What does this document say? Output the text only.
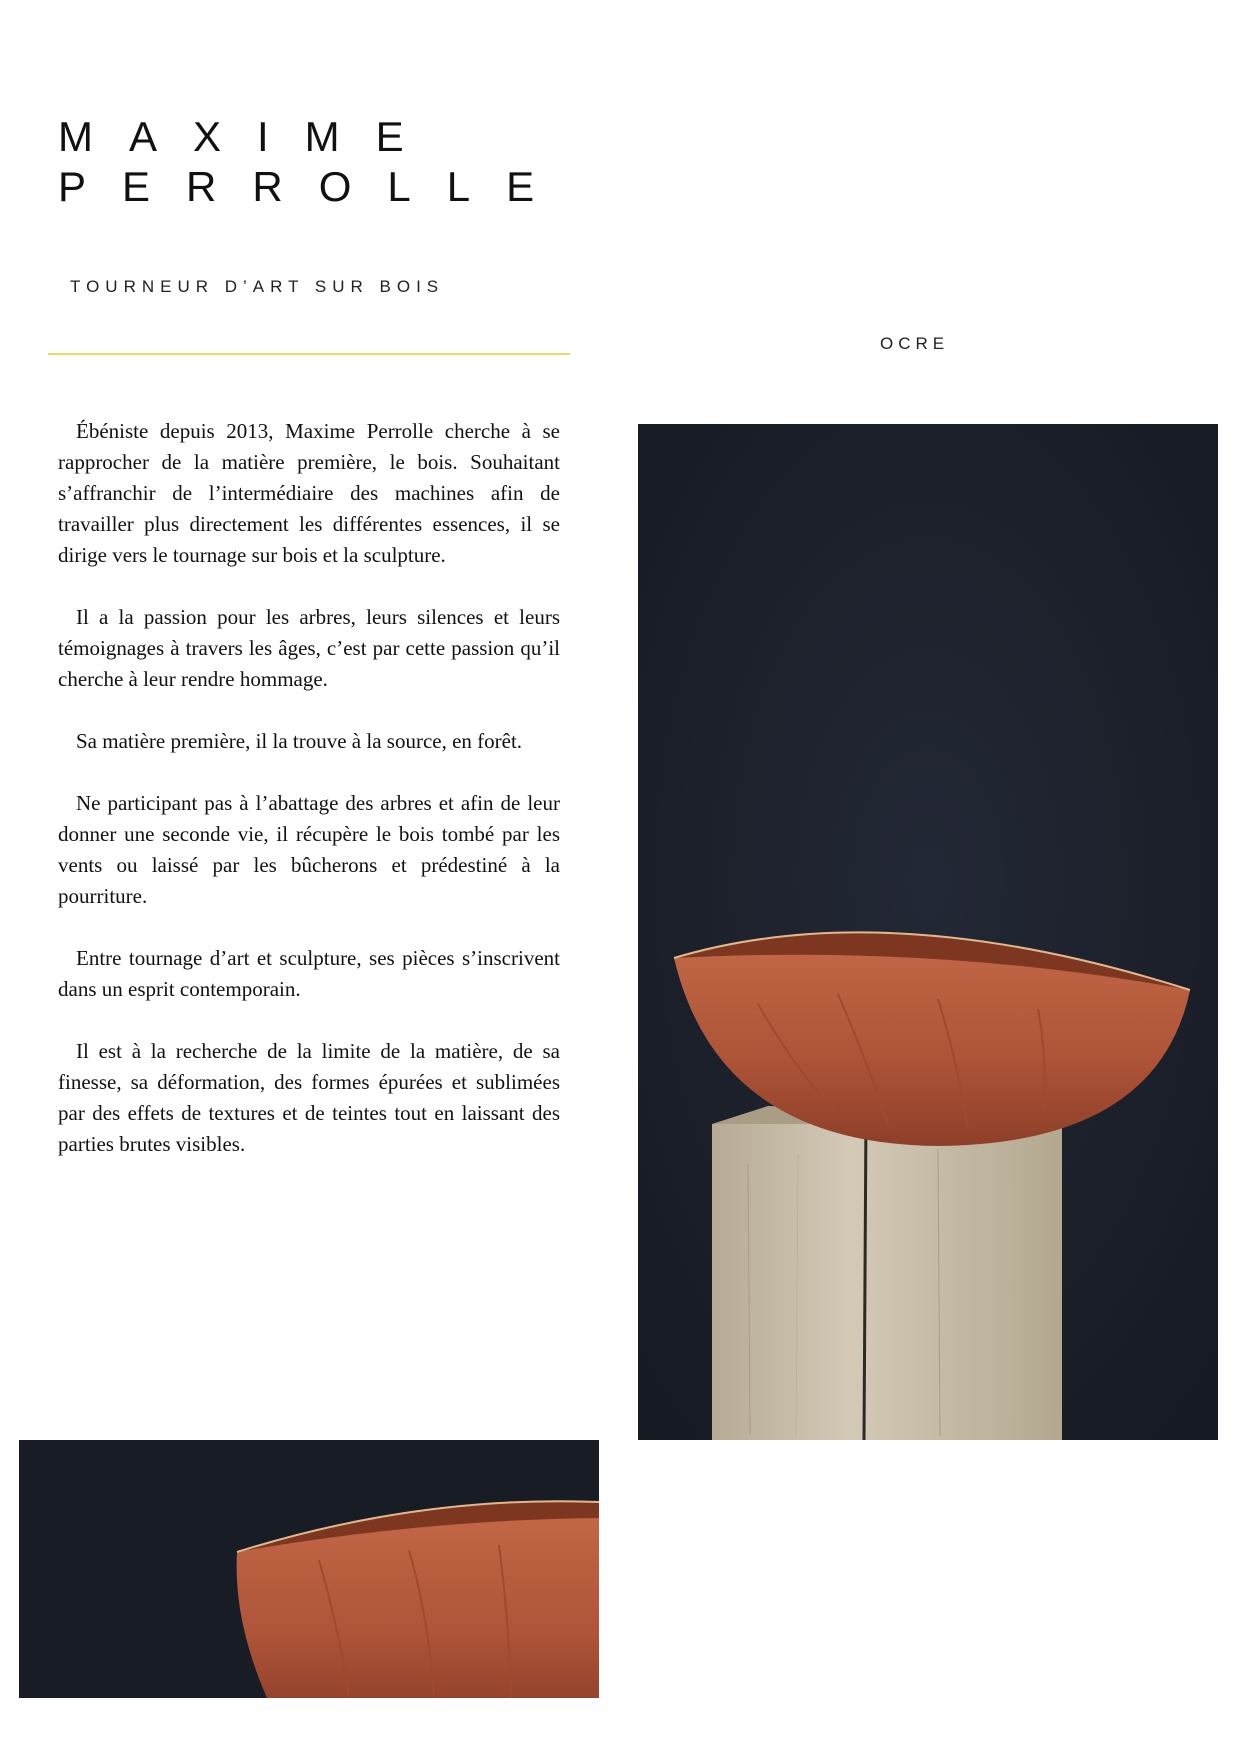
MAXIME
PERROLLE

TOURNEUR D’ART SUR BOIS

OCRE

Ébéniste depuis 2013, Maxime Perrolle cherche à se rapprocher de la matière première, le bois. Souhaitant s’affranchir de l’intermédiaire des machines afin de travailler plus directement les différentes essences, il se dirige vers le tournage sur bois et la sculpture.

Il a la passion pour les arbres, leurs silences et leurs témoignages à travers les âges, c’est par cette passion qu’il cherche à leur rendre hommage.

Sa matière première, il la trouve à la source, en forêt.

Ne participant pas à l’abattage des arbres et afin de leur donner une seconde vie, il récupère le bois tombé par les vents ou laissé par les bûcherons et prédestiné à la pourriture.

Entre tournage d’art et sculpture, ses pièces s’inscrivent dans un esprit contemporain.

Il est à la recherche de la limite de la matière, de sa finesse, sa déformation, des formes épurées et sublimées par des effets de textures et de teintes tout en laissant des parties brutes visibles.
